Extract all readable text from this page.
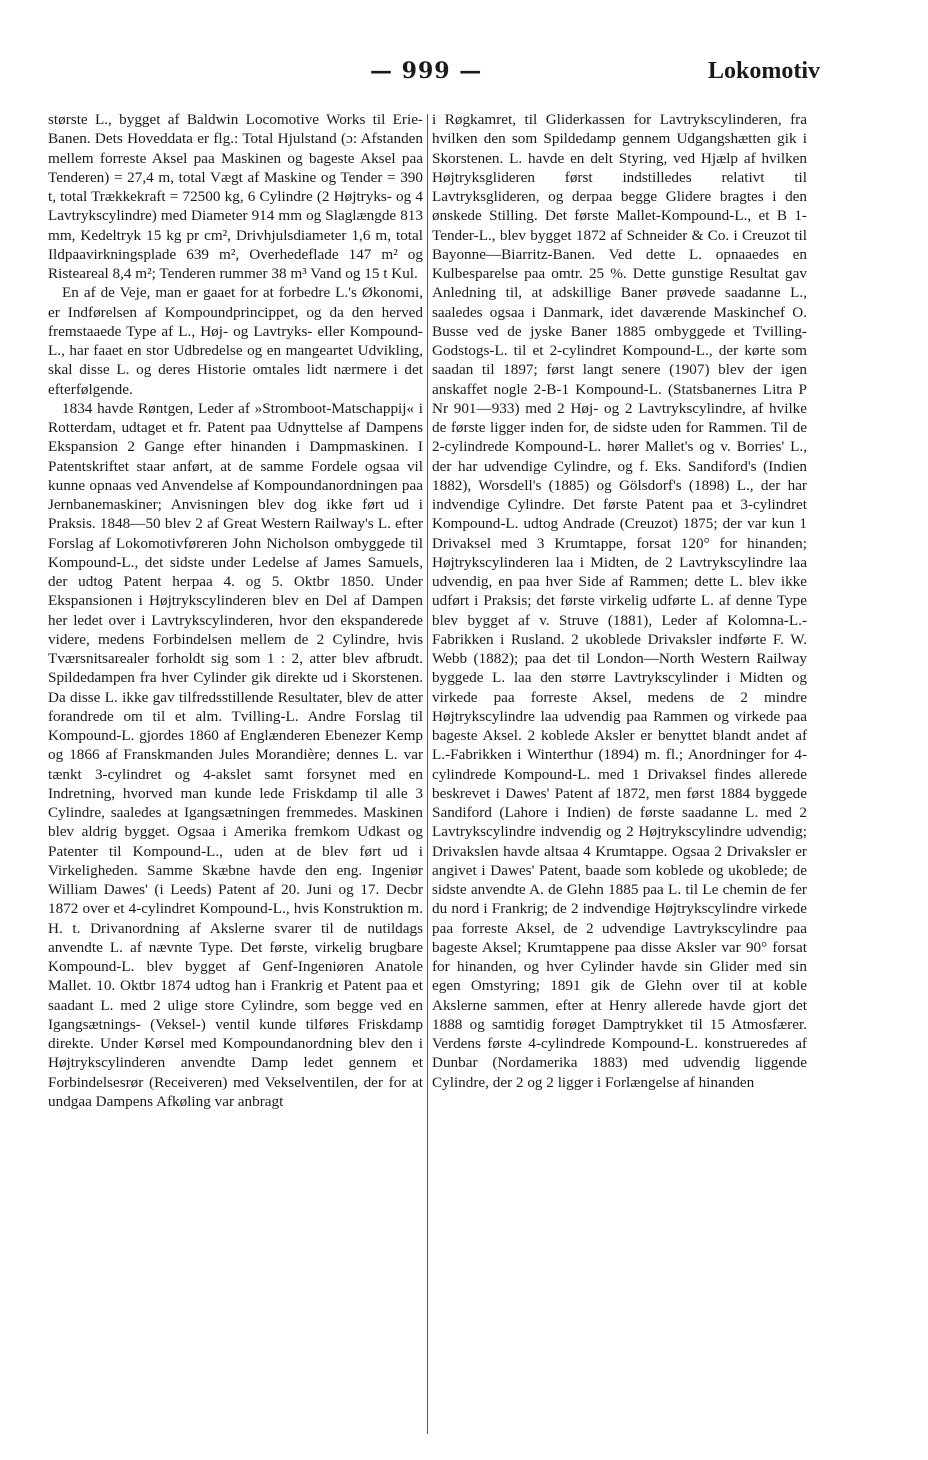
— 999 —	Lokomotiv

største L., bygget af Baldwin Locomotive Works til Erie-Banen. Dets Hoveddata er flg.: Total Hjulstand (ɔ: Afstanden mellem forreste Aksel paa Maskinen og bageste Aksel paa Tenderen) = 27,4 m, total Vægt af Maskine og Tender = 390 t, total Trækkekraft = 72500 kg, 6 Cylindre (2 Højtryks- og 4 Lavtrykscylindre) med Diameter 914 mm og Slaglængde 813 mm, Kedeltryk 15 kg pr cm², Drivhjulsdiameter 1,6 m, total Ildpaavirkningsplade 639 m², Overhedeflade 147 m² og Risteareal 8,4 m²; Tenderen rummer 38 m³ Vand og 15 t Kul.

En af de Veje, man er gaaet for at forbedre L.'s Økonomi, er Indførelsen af Kompoundprincippet, og da den herved fremstaaede Type af L., Høj- og Lavtryks- eller Kompound-L., har faaet en stor Udbredelse og en mangeartet Udvikling, skal disse L. og deres Historie omtales lidt nærmere i det efterfølgende.

1834 havde Røntgen, Leder af »Stromboot-Matschappij« i Rotterdam, udtaget et fr. Patent paa Udnyttelse af Dampens Ekspansion 2 Gange efter hinanden i Dampmaskinen. I Patentskriftet staar anført, at de samme Fordele ogsaa vil kunne opnaas ved Anvendelse af Kompoundanordningen paa Jernbanemaskiner; Anvisningen blev dog ikke ført ud i Praksis. 1848—50 blev 2 af Great Western Railway's L. efter Forslag af Lokomotivføreren John Nicholson ombyggede til Kompound-L., det sidste under Ledelse af James Samuels, der udtog Patent herpaa 4. og 5. Oktbr 1850. Under Ekspansionen i Højtrykscylinderen blev en Del af Dampen her ledet over i Lavtrykscylinderen, hvor den ekspanderede videre, medens Forbindelsen mellem de 2 Cylindre, hvis Tværsnitsarealer forholdt sig som 1 : 2, atter blev afbrudt. Spildedampen fra hver Cylinder gik direkte ud i Skorstenen. Da disse L. ikke gav tilfredsstillende Resultater, blev de atter forandrede om til et alm. Tvilling-L. Andre Forslag til Kompound-L. gjordes 1860 af Englænderen Ebenezer Kemp og 1866 af Franskmanden Jules Morandière; dennes L. var tænkt 3-cylindret og 4-akslet samt forsynet med en Indretning, hvorved man kunde lede Friskdamp til alle 3 Cylindre, saaledes at Igangsætningen fremmedes. Maskinen blev aldrig bygget. Ogsaa i Amerika fremkom Udkast og Patenter til Kompound-L., uden at de blev ført ud i Virkeligheden. Samme Skæbne havde den eng. Ingeniør William Dawes' (i Leeds) Patent af 20. Juni og 17. Decbr 1872 over et 4-cylindret Kompound-L., hvis Konstruktion m. H. t. Drivanordning af Akslerne svarer til de nutildags anvendte L. af nævnte Type. Det første, virkelig brugbare Kompound-L. blev bygget af Genf-Ingeniøren Anatole Mallet. 10. Oktbr 1874 udtog han i Frankrig et Patent paa et saadant L. med 2 ulige store Cylindre, som begge ved en Igangsætnings- (Veksel-) ventil kunde tilføres Friskdamp direkte. Under Kørsel med Kompoundanordning blev den i Højtrykscylinderen anvendte Damp ledet gennem et Forbindelsesrør (Receiveren) med Vekselventilen, der for at undgaa Dampens Afkøling var anbragt

i Røgkamret, til Gliderkassen for Lavtrykscylinderen, fra hvilken den som Spildedamp gennem Udgangshætten gik i Skorstenen. L. havde en delt Styring, ved Hjælp af hvilken Højtryksglideren først indstilledes relativt til Lavtryksglideren, og derpaa begge Glidere bragtes i den ønskede Stilling. Det første Mallet-Kompound-L., et B 1-Tender-L., blev bygget 1872 af Schneider & Co. i Creuzot til Bayonne—Biarritz-Banen. Ved dette L. opnaaedes en Kulbesparelse paa omtr. 25 %. Dette gunstige Resultat gav Anledning til, at adskillige Baner prøvede saadanne L., saaledes ogsaa i Danmark, idet daværende Maskinchef O. Busse ved de jyske Baner 1885 ombyggede et Tvilling-Godstogs-L. til et 2-cylindret Kompound-L., der kørte som saadan til 1897; først langt senere (1907) blev der igen anskaffet nogle 2-B-1 Kompound-L. (Statsbanernes Litra P Nr 901—933) med 2 Høj- og 2 Lavtrykscylindre, af hvilke de første ligger inden for, de sidste uden for Rammen. Til de 2-cylindrede Kompound-L. hører Mallet's og v. Borries' L., der har udvendige Cylindre, og f. Eks. Sandiford's (Indien 1882), Worsdell's (1885) og Gölsdorf's (1898) L., der har indvendige Cylindre. Det første Patent paa et 3-cylindret Kompound-L. udtog Andrade (Creuzot) 1875; der var kun 1 Drivaksel med 3 Krumtappe, forsat 120° for hinanden; Højtrykscylinderen laa i Midten, de 2 Lavtrykscylindre laa udvendig, en paa hver Side af Rammen; dette L. blev ikke udført i Praksis; det første virkelig udførte L. af denne Type blev bygget af v. Struve (1881), Leder af Kolomna-L.-Fabrikken i Rusland. 2 ukoblede Drivaksler indførte F. W. Webb (1882); paa det til London—North Western Railway byggede L. laa den større Lavtrykscylinder i Midten og virkede paa forreste Aksel, medens de 2 mindre Højtrykscylindre laa udvendig paa Rammen og virkede paa bageste Aksel. 2 koblede Aksler er benyttet blandt andet af L.-Fabrikken i Winterthur (1894) m. fl.; Anordninger for 4-cylindrede Kompound-L. med 1 Drivaksel findes allerede beskrevet i Dawes' Patent af 1872, men først 1884 byggede Sandiford (Lahore i Indien) de første saadanne L. med 2 Lavtrykscylindre indvendig og 2 Højtrykscylindre udvendig; Drivakslen havde altsaa 4 Krumtappe. Ogsaa 2 Drivaksler er angivet i Dawes' Patent, baade som koblede og ukoblede; de sidste anvendte A. de Glehn 1885 paa L. til Le chemin de fer du nord i Frankrig; de 2 indvendige Højtrykscylindre virkede paa forreste Aksel, de 2 udvendige Lavtrykscylindre paa bageste Aksel; Krumtappene paa disse Aksler var 90° forsat for hinanden, og hver Cylinder havde sin Glider med sin egen Omstyring; 1891 gik de Glehn over til at koble Akslerne sammen, efter at Henry allerede havde gjort det 1888 og samtidig forøget Damptrykket til 15 Atmosfærer. Verdens første 4-cylindrede Kompound-L. konstrueredes af Dunbar (Nordamerika 1883) med udvendig liggende Cylindre, der 2 og 2 ligger i Forlængelse af hinanden
